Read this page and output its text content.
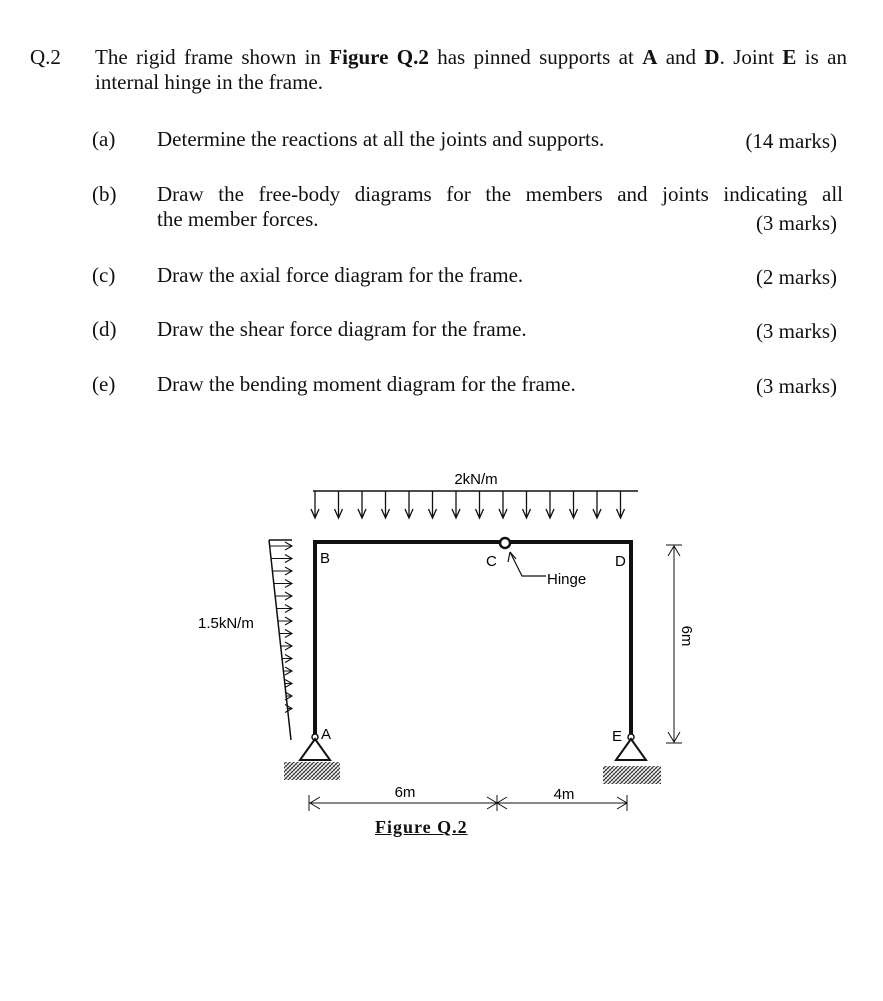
Q.2 The rigid frame shown in Figure Q.2 has pinned supports at A and D. Joint E is an internal hinge in the frame.
(a) Determine the reactions at all the joints and supports.	(14 marks)
(b) Draw the free-body diagrams for the members and joints indicating all
the member forces.	(3 marks)
(c) Draw the axial force diagram for the frame.	(2 marks)
(d) Draw the shear force diagram for the frame.	(3 marks)
(e) Draw the bending moment diagram for the frame.	(3 marks)
2kN/m
1.5kN/m
Hinge
B	C	D
A	E
6m
6m	4m
Figure Q.2
